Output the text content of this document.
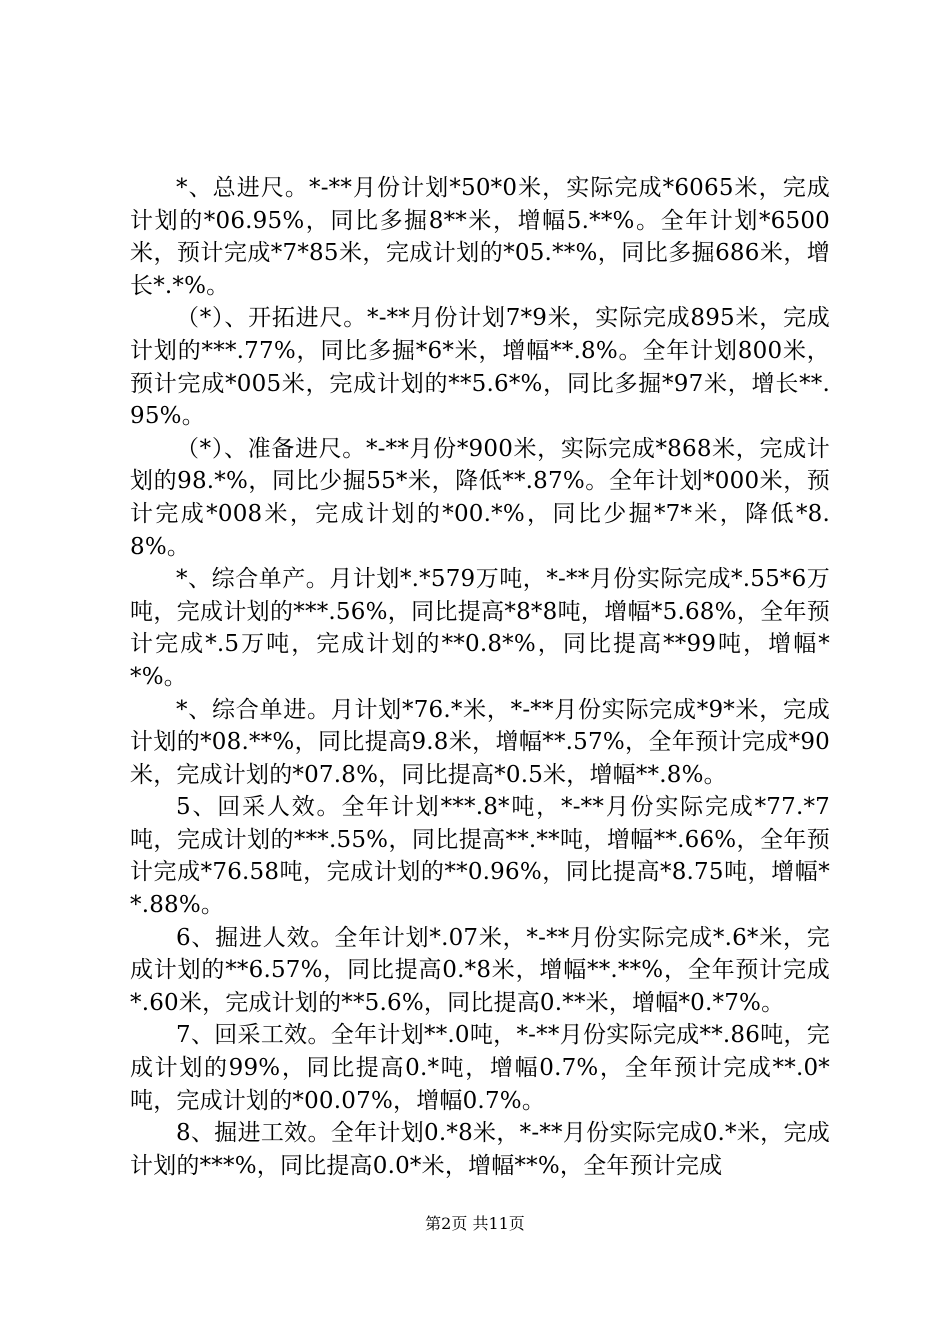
*、总进尺。*-**月份计划*50*0米，实际完成*6065米，完成计划的*06.95%，同比多掘8**米，增幅5.**%。全年计划*6500米，预计完成*7*85米，完成计划的*05.**%，同比多掘686米，增长*.*%。

（*）、开拓进尺。*-**月份计划7*9米，实际完成895米，完成计划的***.77%，同比多掘*6*米，增幅**.8%。全年计划800米，预计完成*005米，完成计划的**5.6*%，同比多掘*97米，增长**.95%。

（*）、准备进尺。*-**月份*900米，实际完成*868米，完成计划的98.*%，同比少掘55*米，降低**.87%。全年计划*000米，预计完成*008米，完成计划的*00.*%，同比少掘*7*米，降低*8.8%。

*、综合单产。月计划*.*579万吨，*-**月份实际完成*.55*6万吨，完成计划的***.56%，同比提高*8*8吨，增幅*5.68%，全年预计完成*.5万吨，完成计划的**0.8*%，同比提高**99吨，增幅**%。

*、综合单进。月计划*76.*米，*-**月份实际完成*9*米，完成计划的*08.**%，同比提高9.8米，增幅**.57%，全年预计完成*90米，完成计划的*07.8%，同比提高*0.5米，增幅**.8%。

5、回采人效。全年计划***.8*吨，*-**月份实际完成*77.*7吨，完成计划的***.55%，同比提高**.**吨，增幅**.66%，全年预计完成*76.58吨，完成计划的**0.96%，同比提高*8.75吨，增幅**.88%。

6、掘进人效。全年计划*.07米，*-**月份实际完成*.6*米，完成计划的**6.57%，同比提高0.*8米，增幅**.**%，全年预计完成*.60米，完成计划的**5.6%，同比提高0.**米，增幅*0.*7%。

7、回采工效。全年计划**.0吨，*-**月份实际完成**.86吨，完成计划的99%，同比提高0.*吨，增幅0.7%，全年预计完成**.0*吨，完成计划的*00.07%，增幅0.7%。

8、掘进工效。全年计划0.*8米，*-**月份实际完成0.*米，完成计划的***%，同比提高0.0*米，增幅**%，全年预计完成

第2页 共11页
